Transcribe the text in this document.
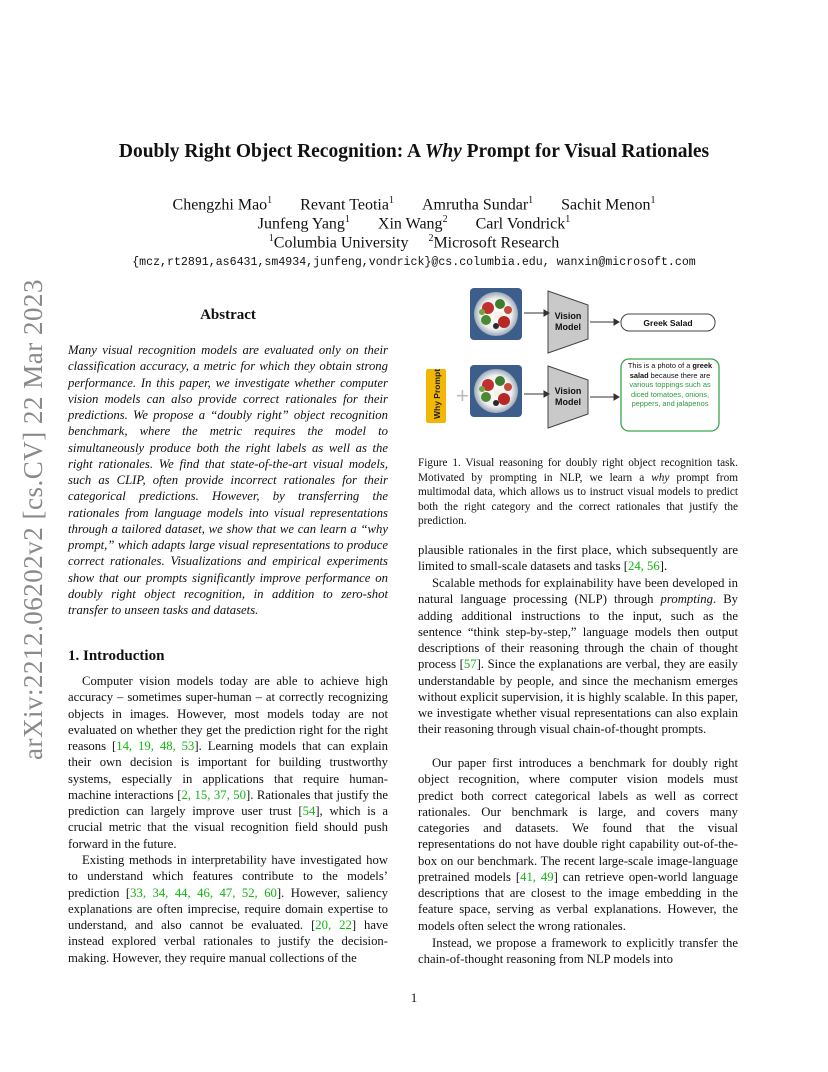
arXiv:2212.06202v2 [cs.CV] 22 Mar 2023
Doubly Right Object Recognition: A Why Prompt for Visual Rationales
Chengzhi Mao$^1$ Revant Teotia$^1$ Amrutha Sundar$^1$ Sachit Menon$^1$
Junfeng Yang$^1$ Xin Wang$^2$ Carl Vondrick$^1$
$^1$Columbia University $^2$Microsoft Research
{mcz,rt2891,as6431,sm4934,junfeng,vondrick}@cs.columbia.edu, wanxin@microsoft.com
Abstract
Many visual recognition models are evaluated only on their classification accuracy, a metric for which they obtain strong performance. In this paper, we investigate whether computer vision models can also provide correct rationales for their predictions. We propose a “doubly right” object recognition benchmark, where the metric requires the model to simultaneously produce both the right labels as well as the right rationales. We find that state-of-the-art visual models, such as CLIP, often provide incorrect rationales for their categorical predictions. However, by transferring the rationales from language models into visual representations through a tailored dataset, we show that we can learn a “why prompt,” which adapts large visual representations to produce correct rationales. Visualizations and empirical experiments show that our prompts significantly improve performance on doubly right object recognition, in addition to zero-shot transfer to unseen tasks and datasets.
1. Introduction
Computer vision models today are able to achieve high accuracy – sometimes super-human – at correctly recognizing objects in images. However, most models today are not evaluated on whether they get the prediction right for the right reasons [14, 19, 48, 53]. Learning models that can explain their own decision is important for building trustworthy systems, especially in applications that require human-machine interactions [2, 15, 37, 50]. Rationales that justify the prediction can largely improve user trust [54], which is a crucial metric that the visual recognition field should push forward in the future.
Existing methods in interpretability have investigated how to understand which features contribute to the models’ prediction [33, 34, 44, 46, 47, 52, 60]. However, saliency explanations are often imprecise, require domain expertise to understand, and also cannot be evaluated. [20, 22] have instead explored verbal rationales to justify the decision-making. However, they require manual collections of the
Why Prompt +
Vision Model
Vision Model
Greek Salad
This is a photo of a greek salad because there are various toppings such as diced tomatoes, onions, peppers, and jalapenos
Figure 1. Visual reasoning for doubly right object recognition task. Motivated by prompting in NLP, we learn a why prompt from multimodal data, which allows us to instruct visual models to predict both the right category and the correct rationales that justify the prediction.
plausible rationales in the first place, which subsequently are limited to small-scale datasets and tasks [24, 56].
Scalable methods for explainability have been developed in natural language processing (NLP) through prompting. By adding additional instructions to the input, such as the sentence “think step-by-step,” language models then output descriptions of their reasoning through the chain of thought process [57]. Since the explanations are verbal, they are easily understandable by people, and since the mechanism emerges without explicit supervision, it is highly scalable. In this paper, we investigate whether visual representations can also explain their reasoning through visual chain-of-thought prompts.
Our paper first introduces a benchmark for doubly right object recognition, where computer vision models must predict both correct categorical labels as well as correct rationales. Our benchmark is large, and covers many categories and datasets. We found that the visual representations do not have double right capability out-of-the-box on our benchmark. The recent large-scale image-language pretrained models [41, 49] can retrieve open-world language descriptions that are closest to the image embedding in the feature space, serving as verbal explanations. However, the models often select the wrong rationales.
Instead, we propose a framework to explicitly transfer the chain-of-thought reasoning from NLP models into
1
